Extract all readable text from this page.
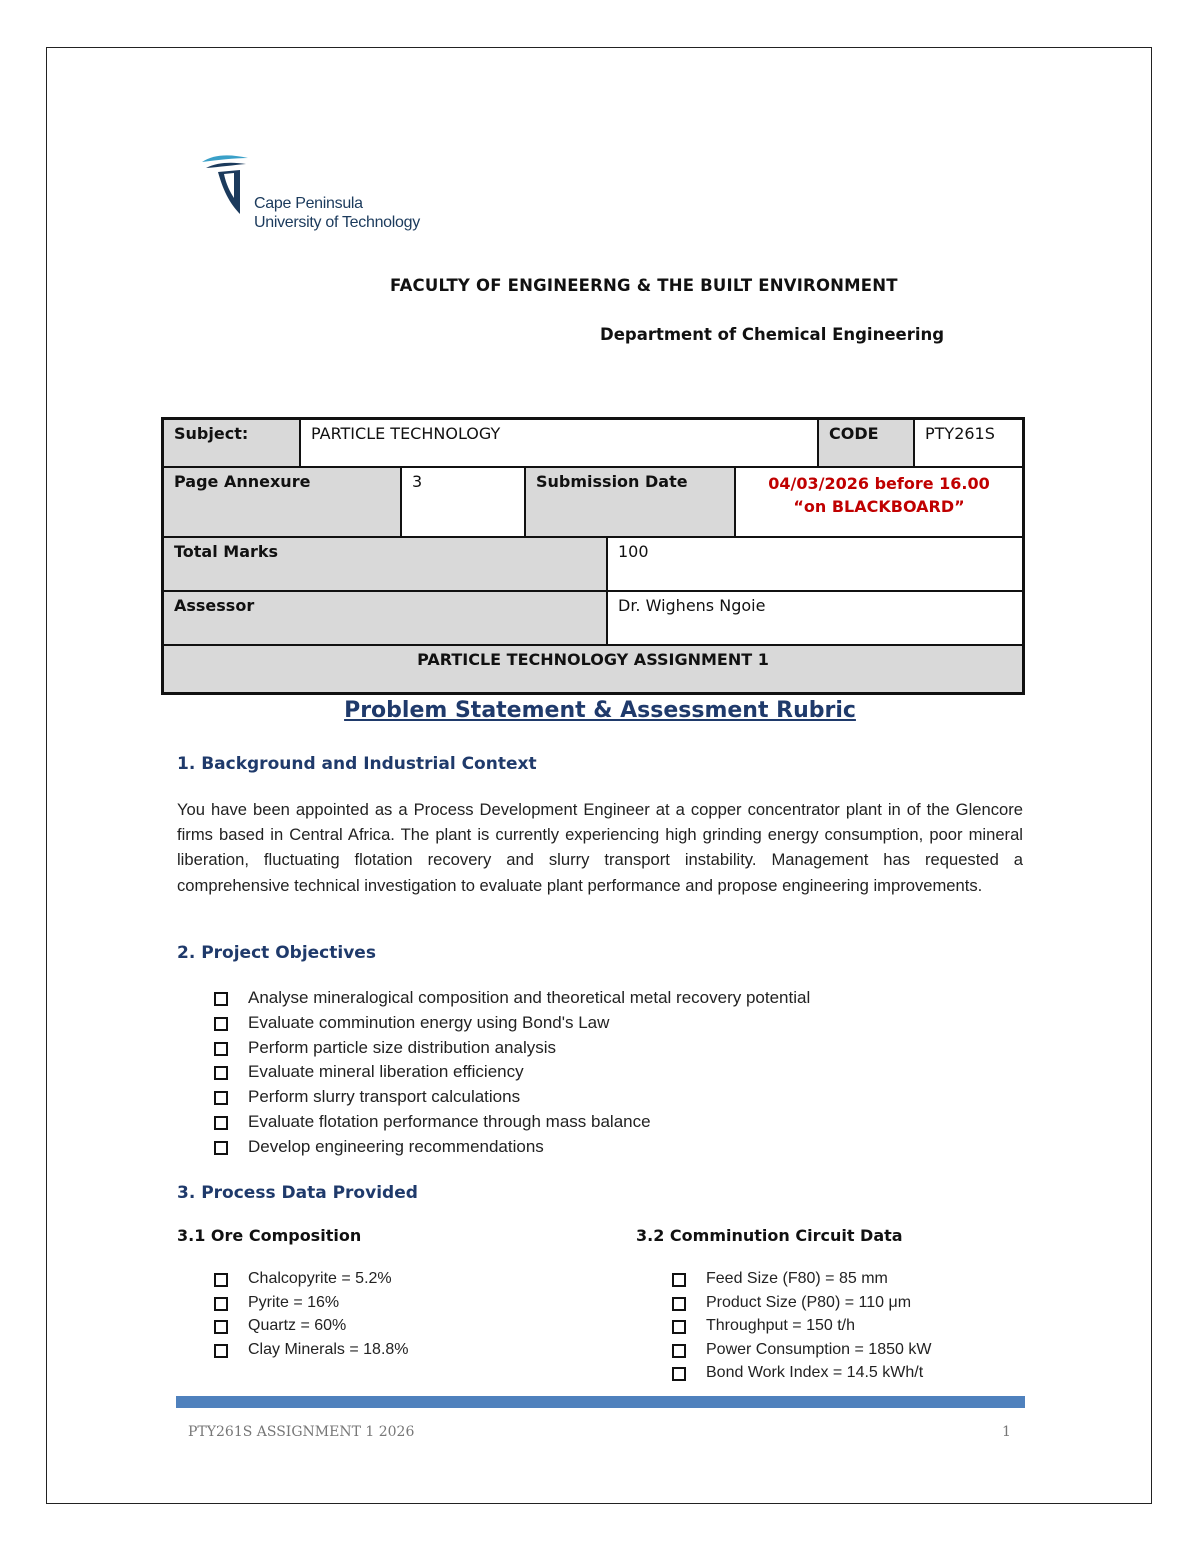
Cape Peninsula
University of Technology
FACULTY OF ENGINEERNG & THE BUILT ENVIRONMENT
Department of Chemical Engineering
Subject:	PARTICLE TECHNOLOGY	CODE	PTY261S
Page Annexure	3	Submission Date	04/03/2026 before 16.00
“on BLACKBOARD”
Total Marks	100
Assessor	Dr. Wighens Ngoie
PARTICLE TECHNOLOGY ASSIGNMENT 1
Problem Statement & Assessment Rubric
1. Background and Industrial Context
You have been appointed as a Process Development Engineer at a copper concentrator plant in of the Glencore firms based in Central Africa. The plant is currently experiencing high grinding energy consumption, poor mineral liberation, fluctuating flotation recovery and slurry transport instability. Management has requested a comprehensive technical investigation to evaluate plant performance and propose engineering improvements.
2. Project Objectives
Analyse mineralogical composition and theoretical metal recovery potential
Evaluate comminution energy using Bond's Law
Perform particle size distribution analysis
Evaluate mineral liberation efficiency
Perform slurry transport calculations
Evaluate flotation performance through mass balance
Develop engineering recommendations
3. Process Data Provided
3.1 Ore Composition
Chalcopyrite = 5.2%
Pyrite = 16%
Quartz = 60%
Clay Minerals = 18.8%
3.2 Comminution Circuit Data
Feed Size (F80) = 85 mm
Product Size (P80) = 110 μm
Throughput = 150 t/h
Power Consumption = 1850 kW
Bond Work Index = 14.5 kWh/t
PTY261S ASSIGNMENT 1 2026	1
